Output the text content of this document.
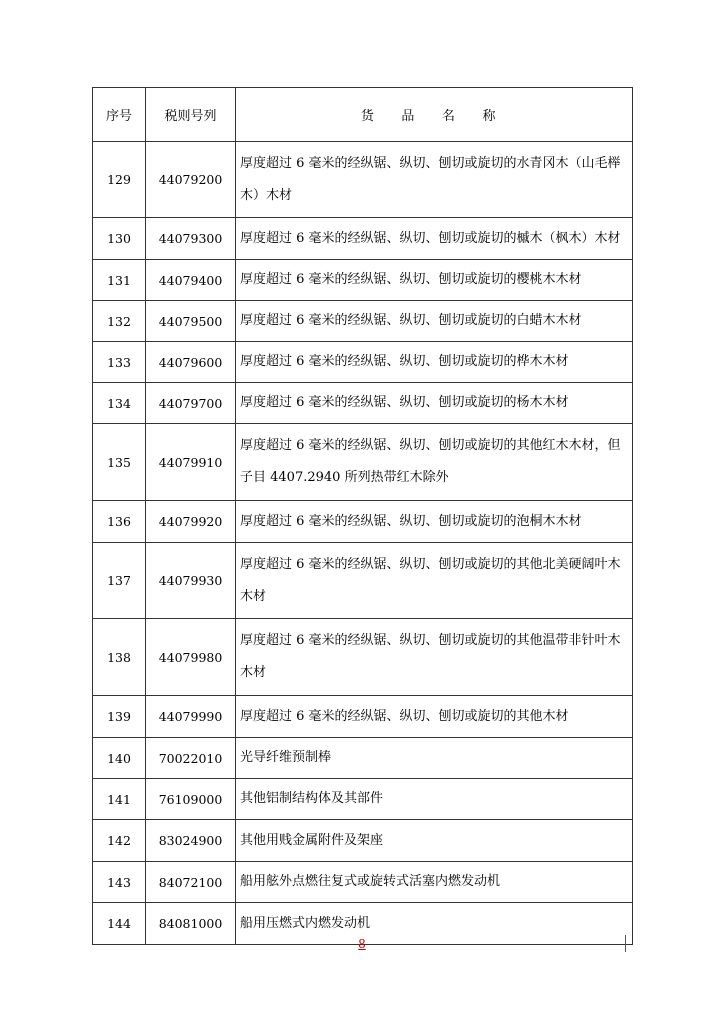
序号	税则号列	货 品 名 称
129	44079200	厚度超过 6 毫米的经纵锯、纵切、刨切或旋切的水青冈木（山毛榉木）木材
130	44079300	厚度超过 6 毫米的经纵锯、纵切、刨切或旋切的槭木（枫木）木材
131	44079400	厚度超过 6 毫米的经纵锯、纵切、刨切或旋切的樱桃木木材
132	44079500	厚度超过 6 毫米的经纵锯、纵切、刨切或旋切的白蜡木木材
133	44079600	厚度超过 6 毫米的经纵锯、纵切、刨切或旋切的桦木木材
134	44079700	厚度超过 6 毫米的经纵锯、纵切、刨切或旋切的杨木木材
135	44079910	厚度超过 6 毫米的经纵锯、纵切、刨切或旋切的其他红木木材，但子目 4407.2940 所列热带红木除外
136	44079920	厚度超过 6 毫米的经纵锯、纵切、刨切或旋切的泡桐木木材
137	44079930	厚度超过 6 毫米的经纵锯、纵切、刨切或旋切的其他北美硬阔叶木木材
138	44079980	厚度超过 6 毫米的经纵锯、纵切、刨切或旋切的其他温带非针叶木木材
139	44079990	厚度超过 6 毫米的经纵锯、纵切、刨切或旋切的其他木材
140	70022010	光导纤维预制棒
141	76109000	其他铝制结构体及其部件
142	83024900	其他用贱金属附件及架座
143	84072100	船用舷外点燃往复式或旋转式活塞内燃发动机
144	84081000	船用压燃式内燃发动机
8
